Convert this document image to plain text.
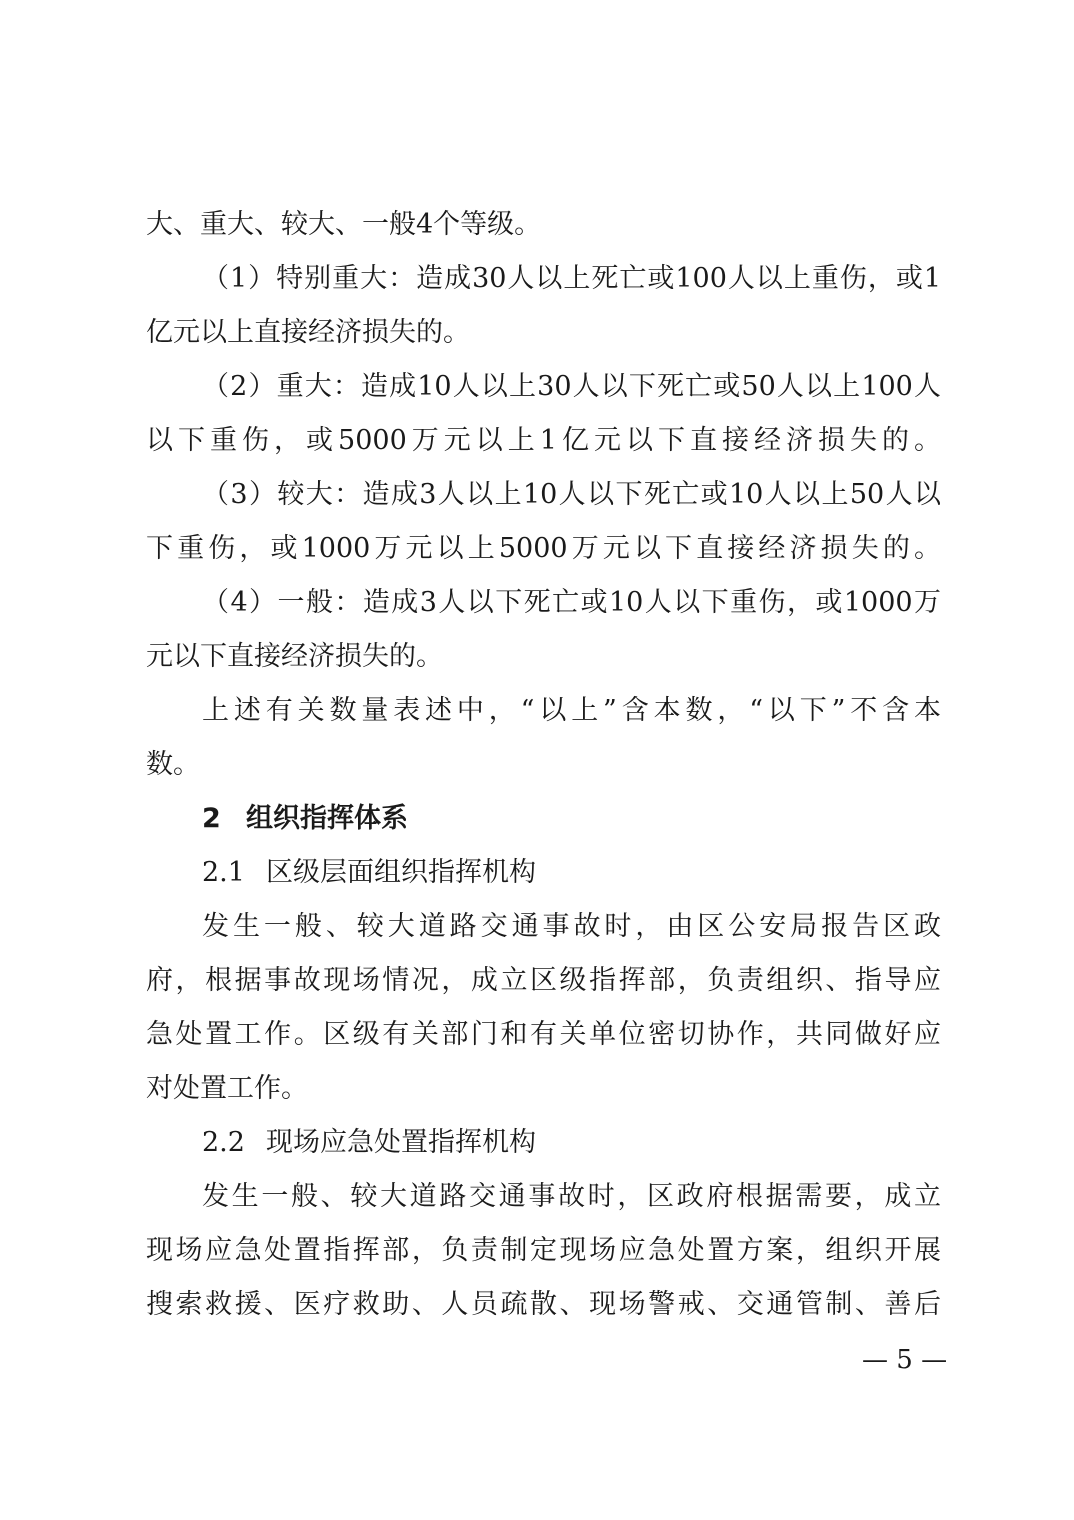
大、重大、较大、一般4个等级。
（1）特别重大：造成30人以上死亡或100人以上重伤，或1
亿元以上直接经济损失的。
（2）重大：造成10人以上30人以下死亡或50人以上100人
以下重伤，或5000万元以上1亿元以下直接经济损失的。
（3）较大：造成3人以上10人以下死亡或10人以上50人以
下重伤，或1000万元以上5000万元以下直接经济损失的。
（4）一般：造成3人以下死亡或10人以下重伤，或1000万
元以下直接经济损失的。
上述有关数量表述中，“以上”含本数，“以下”不含本
数。
2 组织指挥体系
2.1 区级层面组织指挥机构
发生一般、较大道路交通事故时，由区公安局报告区政
府，根据事故现场情况，成立区级指挥部，负责组织、指导应
急处置工作。区级有关部门和有关单位密切协作，共同做好应
对处置工作。
2.2 现场应急处置指挥机构
发生一般、较大道路交通事故时，区政府根据需要，成立
现场应急处置指挥部，负责制定现场应急处置方案，组织开展
搜索救援、医疗救助、人员疏散、现场警戒、交通管制、善后
— 5 —
